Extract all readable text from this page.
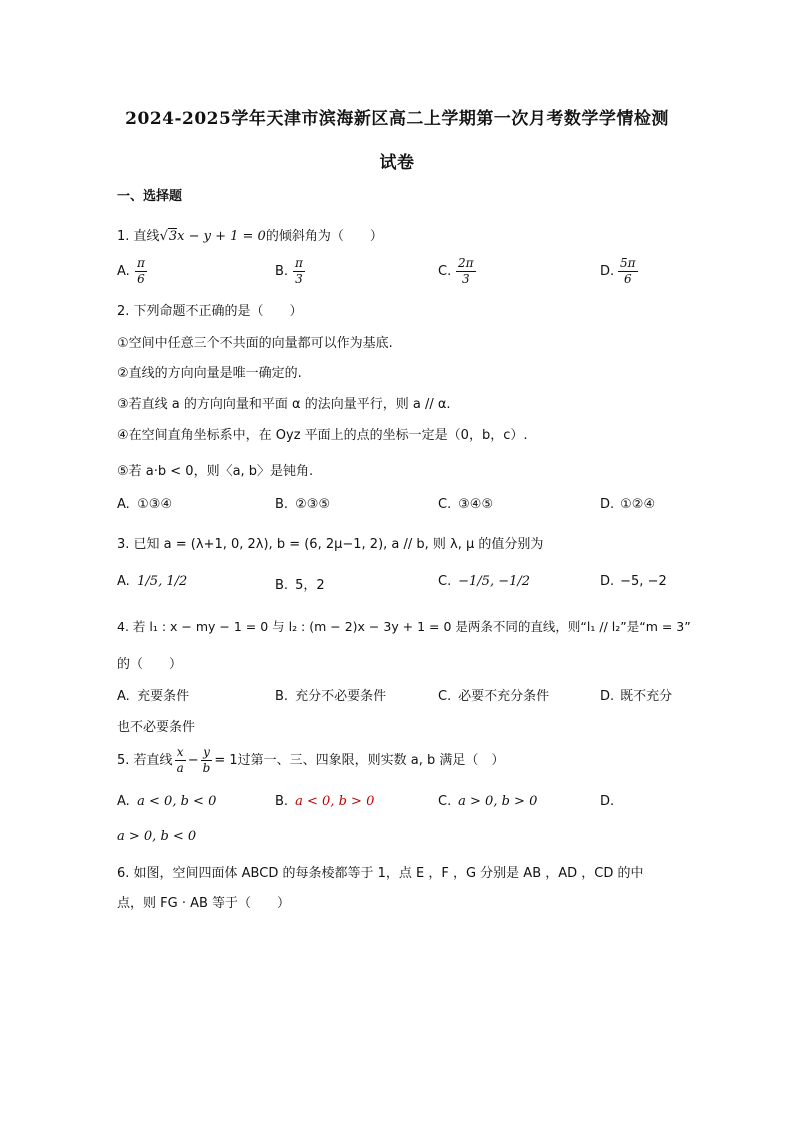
2024-2025学年天津市滨海新区高二上学期第一次月考数学学情检测
试卷
一、选择题
1. 直线√3x − y + 1 = 0的倾斜角为（　　）
A. $\frac{\pi}{6}$	B. $\frac{\pi}{3}$	C. $\frac{2\pi}{3}$	D. $\frac{5\pi}{6}$
2. 下列命题不正确的是（　　）
①空间中任意三个不共面的向量都可以作为基底.
②直线的方向向量是唯一确定的.
③若直线 a 的方向向量和平面 α 的法向量平行，则 a // α.
④在空间直角坐标系中，在 Oyz 平面上的点的坐标一定是（0，b，c）.
⑤若 a·b < 0，则〈a, b〉是钝角.
A. ①③④	B. ②③⑤	C. ③④⑤	D. ①②④
3. 已知 a = (λ+1, 0, 2λ), b = (6, 2μ−1, 2), a // b, 则 λ, μ 的值分别为
A. 1/5, 1/2	B. 5，2	C. −1/5, −1/2	D. −5, −2
4. 若 l₁ : x − my − 1 = 0 与 l₂ : (m − 2)x − 3y + 1 = 0 是两条不同的直线，则“l₁ // l₂”是“m = 3”
的（　　）
A. 充要条件	B. 充分不必要条件	C. 必要不充分条件	D. 既不充分
也不必要条件
5. 若直线 $\frac{x}{a} - \frac{y}{b} = 1$过第一、三、四象限，则实数 a, b 满足（　）
A. a < 0, b < 0	B. a < 0, b > 0	C. a > 0, b > 0	D.
a > 0, b < 0
6. 如图，空间四面体 ABCD 的每条棱都等于 1，点 E ，F ，G 分别是 AB ，AD ，CD 的中
点，则 FG · AB 等于（　　）
